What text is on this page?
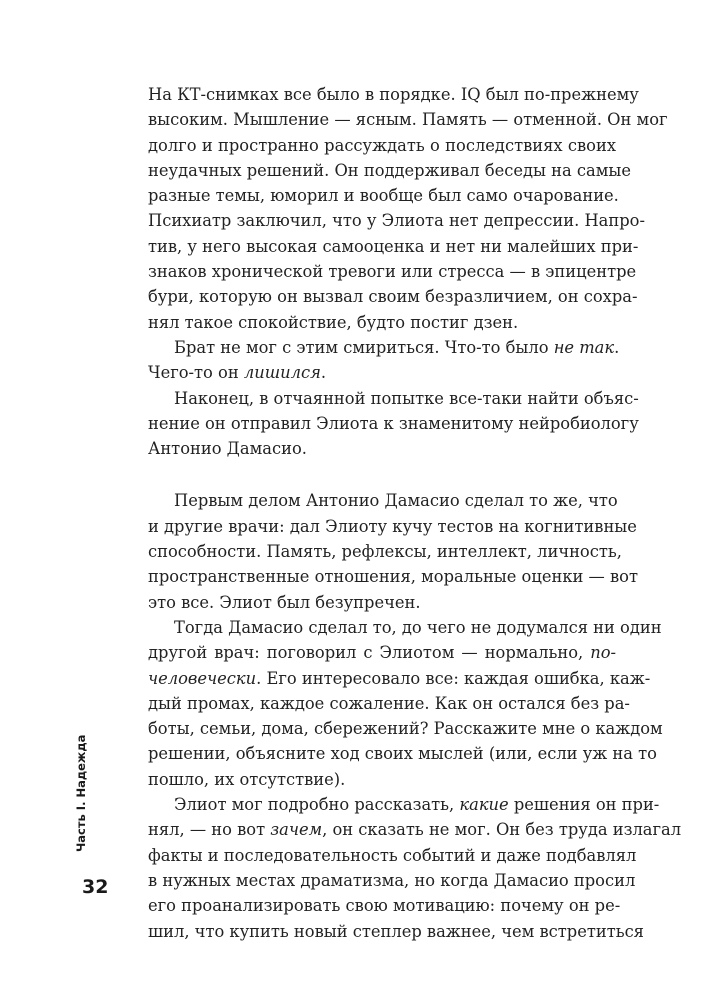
На КТ-снимках все было в порядке. IQ был по-прежнему
высоким. Мышление — ясным. Память — отменной. Он мог
долго и пространно рассуждать о последствиях своих
неудачных решений. Он поддерживал беседы на самые
разные темы, юморил и вообще был само очарование.
Психиатр заключил, что у Элиота нет депрессии. Напро-
тив, у него высокая самооценка и нет ни малейших при-
знаков хронической тревоги или стресса — в эпицентре
бури, которую он вызвал своим безразличием, он сохра-
нял такое спокойствие, будто постиг дзен.
Брат не мог с этим смириться. Что-то было не так.
Чего-то он лишился.
Наконец, в отчаянной попытке все-таки найти объяс-
нение он отправил Элиота к знаменитому нейробиологу
Антонио Дамасио.
Первым делом Антонио Дамасио сделал то же, что
и другие врачи: дал Элиоту кучу тестов на когнитивные
способности. Память, рефлексы, интеллект, личность,
пространственные отношения, моральные оценки — вот
это все. Элиот был безупречен.
Тогда Дамасио сделал то, до чего не додумался ни один
другой врач: поговорил с Элиотом — нормально, по-
человечески. Его интересовало все: каждая ошибка, каж-
дый промах, каждое сожаление. Как он остался без ра-
боты, семьи, дома, сбережений? Расскажите мне о каждом
решении, объясните ход своих мыслей (или, если уж на то
пошло, их отсутствие).
Элиот мог подробно рассказать, какие решения он при-
нял, — но вот зачем, он сказать не мог. Он без труда излагал
факты и последовательность событий и даже подбавлял
в нужных местах драматизма, но когда Дамасио просил
его проанализировать свою мотивацию: почему он ре-
шил, что купить новый степлер важнее, чем встретиться
Часть I. Надежда
32
